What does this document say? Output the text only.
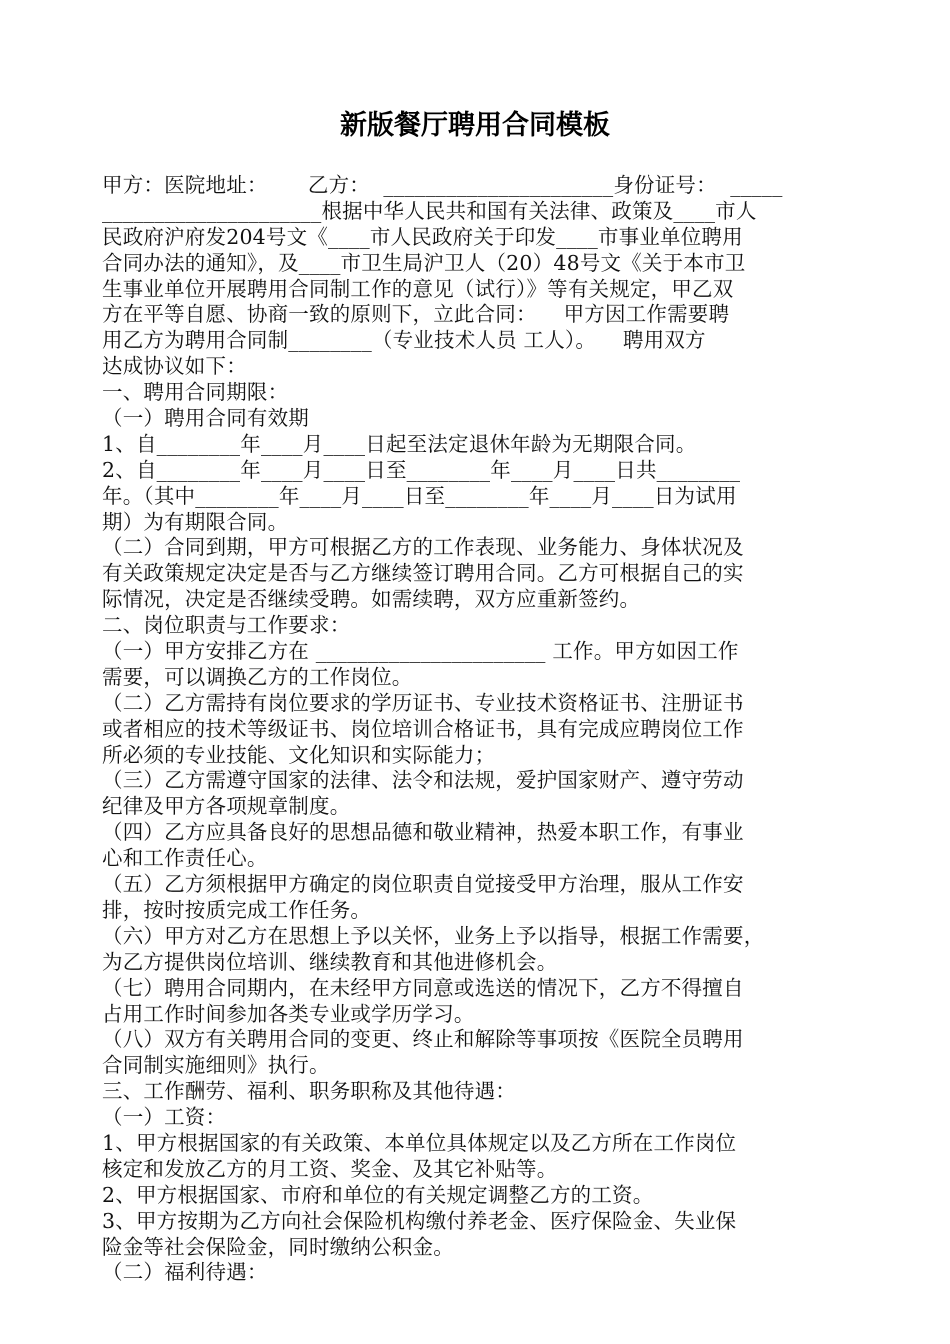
新版餐厅聘用合同模板
甲方：医院地址：      乙方：  ______________________身份证号：  _____
_____________________根据中华人民共和国有关法律、政策及____市人
民政府沪府发204号文《____市人民政府关于印发____市事业单位聘用
合同办法的通知》，及____市卫生局沪卫人（20）48号文《关于本市卫
生事业单位开展聘用合同制工作的意见（试行）》等有关规定，甲乙双
方在平等自愿、协商一致的原则下，立此合同：    甲方因工作需要聘
用乙方为聘用合同制________（专业技术人员 工人）。    聘用双方
达成协议如下：
一、聘用合同期限：
（一）聘用合同有效期
1、自________年____月____日起至法定退休年龄为无期限合同。
2、自________年____月____日至________年____月____日共________
年。（其中________年____月____日至________年____月____日为试用
期）为有期限合同。
（二）合同到期，甲方可根据乙方的工作表现、业务能力、身体状况及
有关政策规定决定是否与乙方继续签订聘用合同。乙方可根据自己的实
际情况，决定是否继续受聘。如需续聘，双方应重新签约。
二、岗位职责与工作要求：
（一）甲方安排乙方在 ______________________ 工作。甲方如因工作
需要，可以调换乙方的工作岗位。
（二）乙方需持有岗位要求的学历证书、专业技术资格证书、注册证书
或者相应的技术等级证书、岗位培训合格证书，具有完成应聘岗位工作
所必须的专业技能、文化知识和实际能力；
（三）乙方需遵守国家的法律、法令和法规，爱护国家财产、遵守劳动
纪律及甲方各项规章制度。
（四）乙方应具备良好的思想品德和敬业精神，热爱本职工作，有事业
心和工作责任心。
（五）乙方须根据甲方确定的岗位职责自觉接受甲方治理，服从工作安
排，按时按质完成工作任务。
（六）甲方对乙方在思想上予以关怀，业务上予以指导，根据工作需要，
为乙方提供岗位培训、继续教育和其他进修机会。
（七）聘用合同期内，在未经甲方同意或选送的情况下，乙方不得擅自
占用工作时间参加各类专业或学历学习。
（八）双方有关聘用合同的变更、终止和解除等事项按《医院全员聘用
合同制实施细则》执行。
三、工作酬劳、福利、职务职称及其他待遇：
（一）工资：
1、甲方根据国家的有关政策、本单位具体规定以及乙方所在工作岗位
核定和发放乙方的月工资、奖金、及其它补贴等。
2、甲方根据国家、市府和单位的有关规定调整乙方的工资。
3、甲方按期为乙方向社会保险机构缴付养老金、医疗保险金、失业保
险金等社会保险金，同时缴纳公积金。
（二）福利待遇：
